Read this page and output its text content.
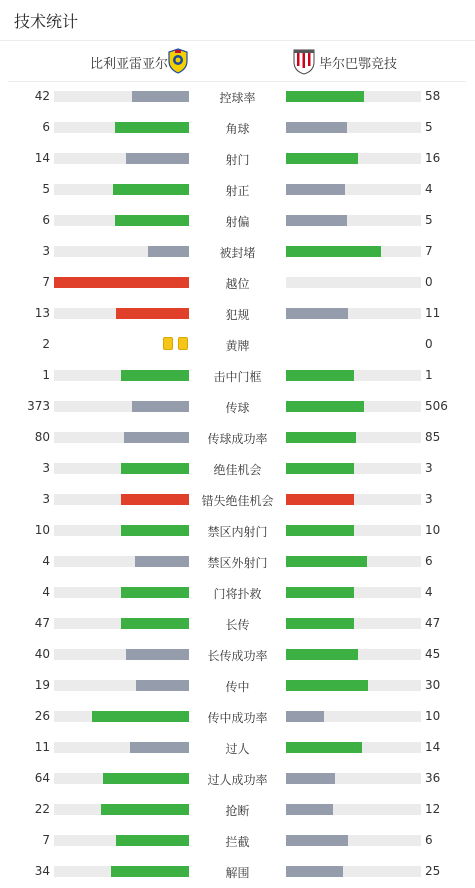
技术统计
比利亚雷亚尔	毕尔巴鄂竞技
42	控球率	58
6	角球	5
14	射门	16
5	射正	4
6	射偏	5
3	被封堵	7
7	越位	0
13	犯规	11
2	黄牌	0
1	击中门框	1
373	传球	506
80	传球成功率	85
3	绝佳机会	3
3	错失绝佳机会	3
10	禁区内射门	10
4	禁区外射门	6
4	门将扑救	4
47	长传	47
40	长传成功率	45
19	传中	30
26	传中成功率	10
11	过人	14
64	过人成功率	36
22	抢断	12
7	拦截	6
34	解围	25
